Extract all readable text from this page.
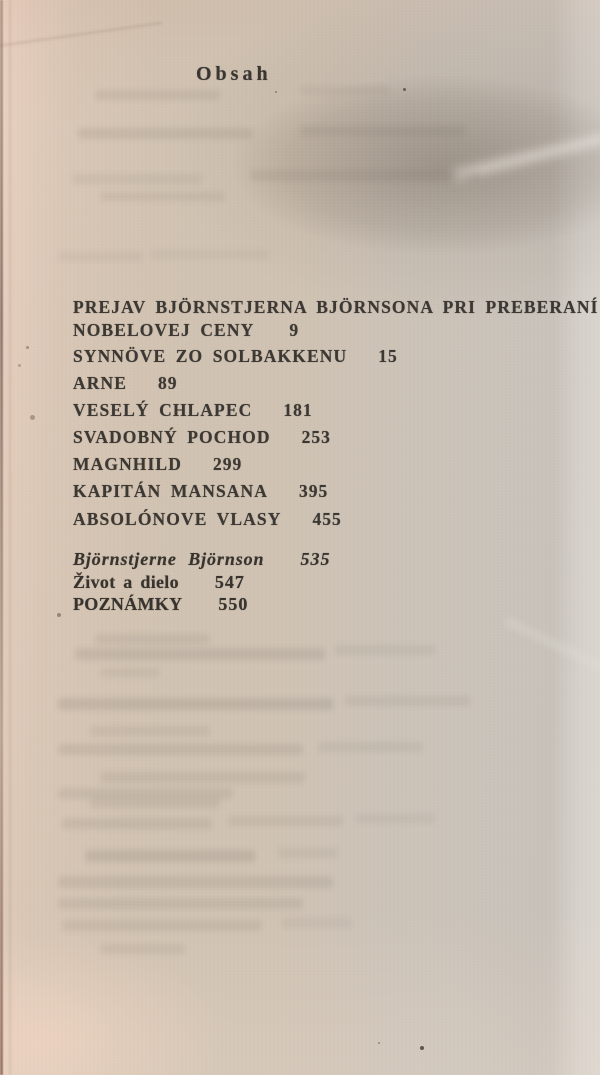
Obsah
PREJAV BJÖRNSTJERNA BJÖRNSONA PRI PREBERANÍ
NOBELOVEJ CENY 9
SYNNÖVE ZO SOLBAKKENU 15
ARNE 89
VESELÝ CHLAPEC 181
SVADOBNÝ POCHOD 253
MAGNHILD 299
KAPITÁN MANSANA 395
ABSOLÓNOVE VLASY 455
Björnstjerne Björnson 535
Život a dielo 547
POZNÁMKY 550
